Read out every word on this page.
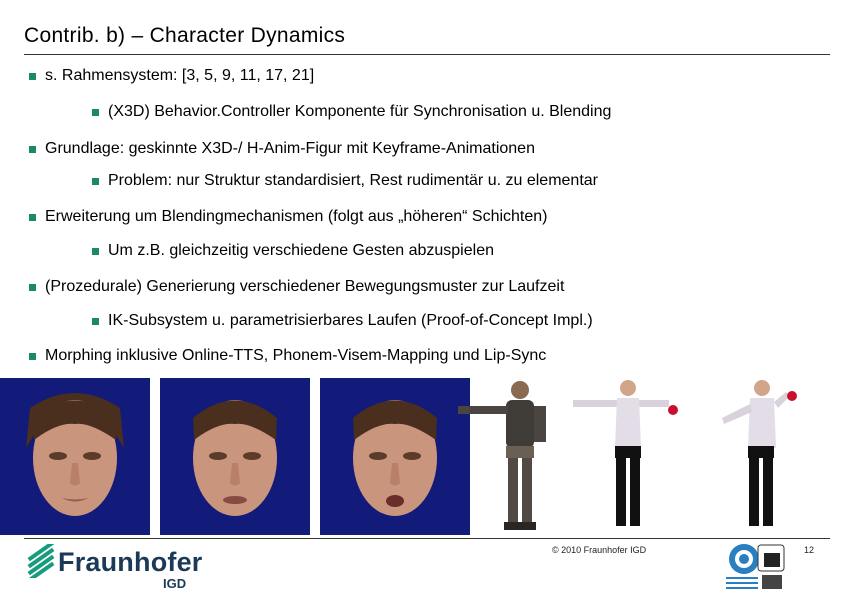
Contrib. b) – Character Dynamics
s. Rahmensystem: [3, 5, 9, 11, 17, 21]
(X3D) Behavior.Controller Komponente für Synchronisation u. Blending
Grundlage: geskinnte X3D-/ H-Anim-Figur mit Keyframe-Animationen
Problem: nur Struktur standardisiert, Rest rudimentär u. zu elementar
Erweiterung um Blendingmechanismen (folgt aus „höheren“ Schichten)
Um z.B. gleichzeitig verschiedene Gesten abzuspielen
(Prozedurale) Generierung verschiedener Bewegungsmuster zur Laufzeit
IK-Subsystem u. parametrisierbares Laufen (Proof-of-Concept Impl.)
Morphing inklusive Online-TTS, Phonem-Visem-Mapping und Lip-Sync
Fraunhofer
IGD
© 2010 Fraunhofer IGD	12
